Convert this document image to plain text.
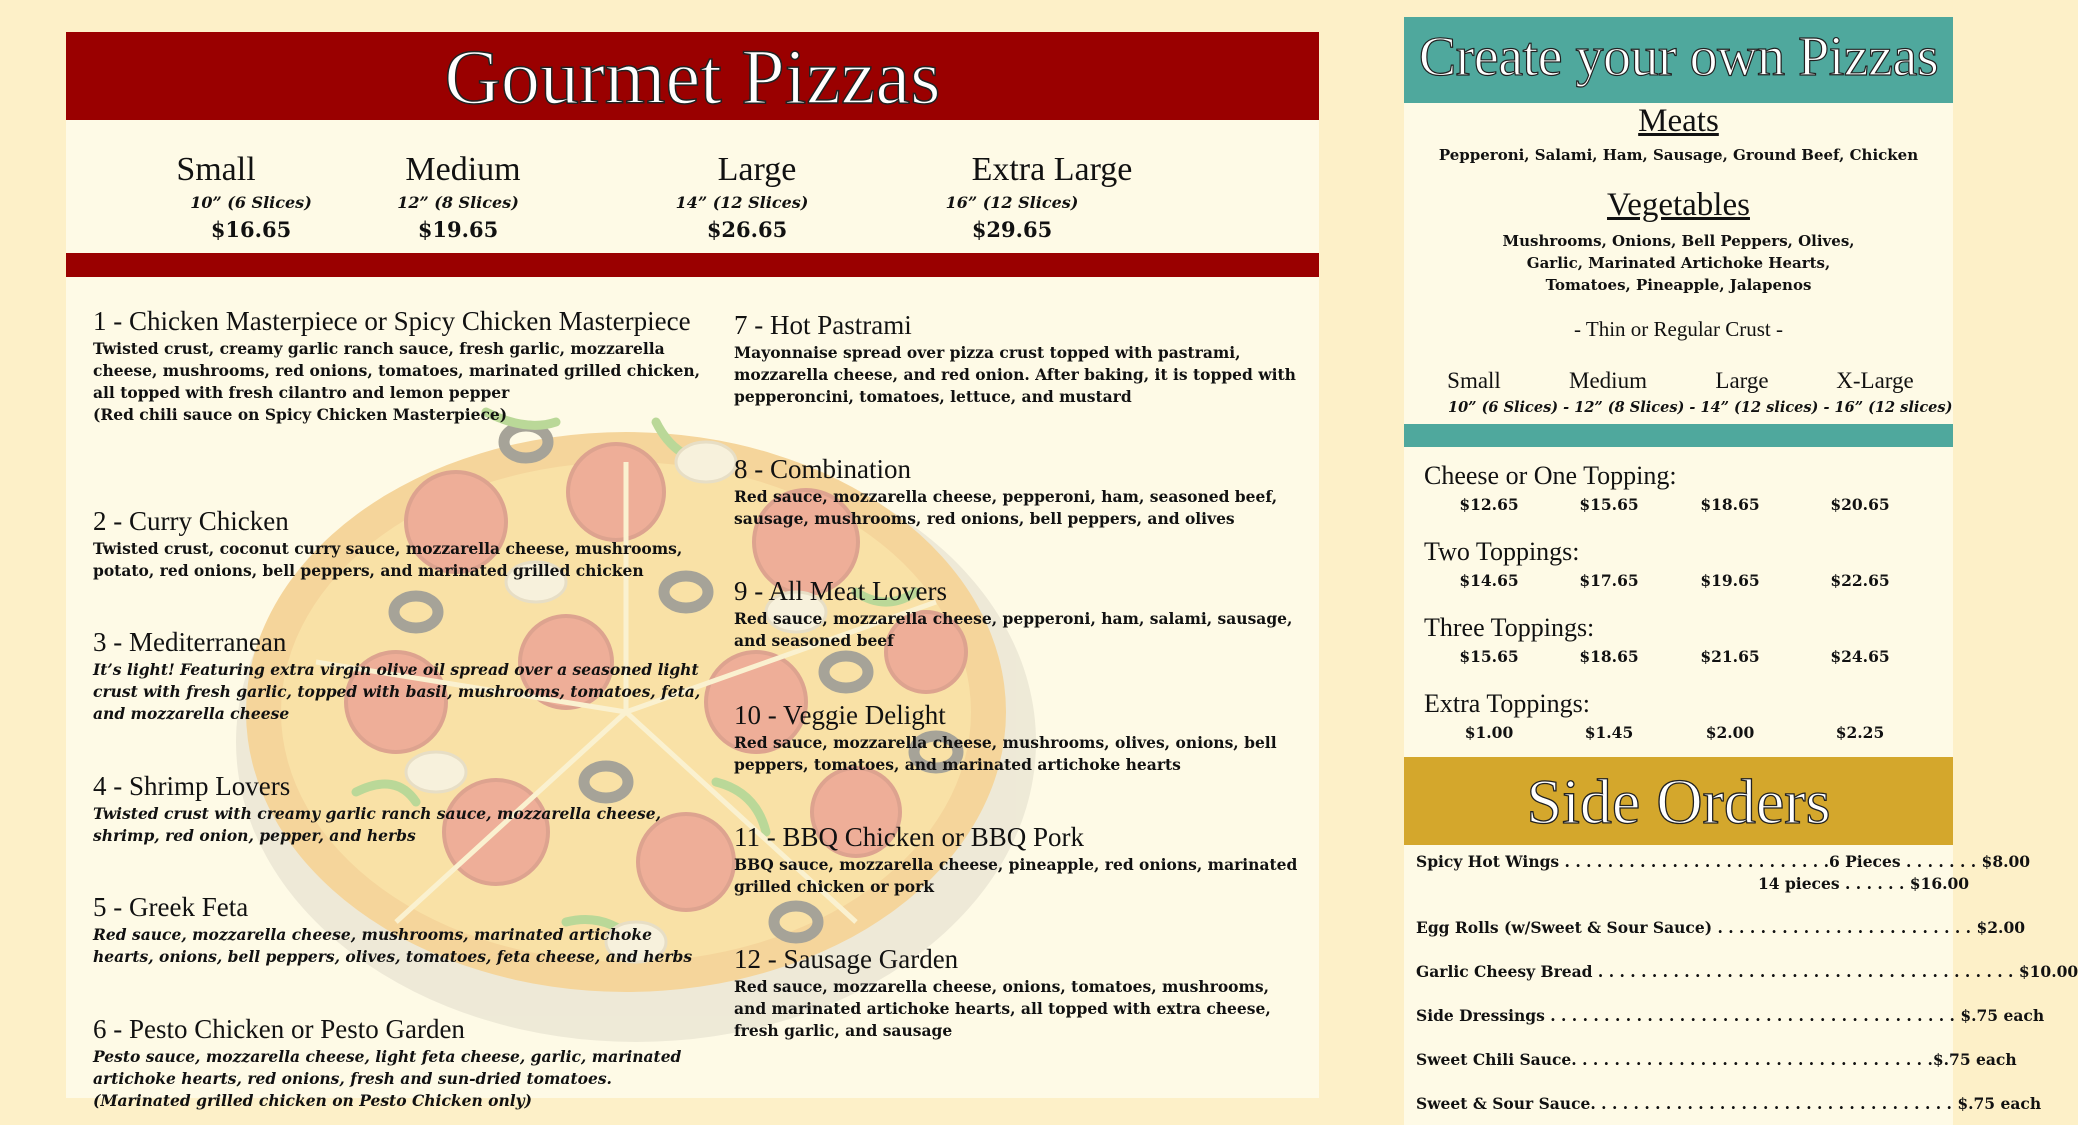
Gourmet Pizzas
Small
10” (6 Slices)
$16.65
Medium
12” (8 Slices)
$19.65
Large
14” (12 Slices)
$26.65
Extra Large
16” (12 Slices)
$29.65
1 - Chicken Masterpiece or Spicy Chicken Masterpiece
Twisted crust, creamy garlic ranch sauce, fresh garlic, mozzarella cheese, mushrooms, red onions, tomatoes, marinated grilled chicken, all topped with fresh cilantro and lemon pepper
(Red chili sauce on Spicy Chicken Masterpiece)
2 - Curry Chicken
Twisted crust, coconut curry sauce, mozzarella cheese, mushrooms, potato, red onions, bell peppers, and marinated grilled chicken
3 - Mediterranean
It’s light! Featuring extra virgin olive oil spread over a seasoned light crust with fresh garlic, topped with basil, mushrooms, tomatoes, feta, and mozzarella cheese
4 - Shrimp Lovers
Twisted crust with creamy garlic ranch sauce, mozzarella cheese, shrimp, red onion, pepper, and herbs
5 - Greek Feta
Red sauce, mozzarella cheese, mushrooms, marinated artichoke hearts, onions, bell peppers, olives, tomatoes, feta cheese, and herbs
6 - Pesto Chicken or Pesto Garden
Pesto sauce, mozzarella cheese, light feta cheese, garlic, marinated artichoke hearts, red onions, fresh and sun-dried tomatoes. (Marinated grilled chicken on Pesto Chicken only)
7 - Hot Pastrami
Mayonnaise spread over pizza crust topped with pastrami, mozzarella cheese, and red onion. After baking, it is topped with pepperoncini, tomatoes, lettuce, and mustard
8 - Combination
Red sauce, mozzarella cheese, pepperoni, ham, seasoned beef, sausage, mushrooms, red onions, bell peppers, and olives
9 - All Meat Lovers
Red sauce, mozzarella cheese, pepperoni, ham, salami, sausage, and seasoned beef
10 - Veggie Delight
Red sauce, mozzarella cheese, mushrooms, olives, onions, bell peppers, tomatoes, and marinated artichoke hearts
11 - BBQ Chicken or BBQ Pork
BBQ sauce, mozzarella cheese, pineapple, red onions, marinated grilled chicken or pork
12 - Sausage Garden
Red sauce, mozzarella cheese, onions, tomatoes, mushrooms, and marinated artichoke hearts, all topped with extra cheese, fresh garlic, and sausage
Create your own Pizzas
Meats
Pepperoni, Salami, Ham, Sausage, Ground Beef, Chicken
Vegetables
Mushrooms, Onions, Bell Peppers, Olives,
Garlic, Marinated Artichoke Hearts,
Tomatoes, Pineapple, Jalapenos
- Thin or Regular Crust -
Small	Medium	Large	X-Large
10” (6 Slices) - 12” (8 Slices) - 14” (12 slices) - 16” (12 slices)
Cheese or One Topping:
$12.65	$15.65	$18.65	$20.65
Two Toppings:
$14.65	$17.65	$19.65	$22.65
Three Toppings:
$15.65	$18.65	$21.65	$24.65
Extra Toppings:
$1.00	$1.45	$2.00	$2.25
Side Orders
Spicy Hot Wings . . . . . . . . . . . . . . . . . . . . . . . . .6 Pieces . . . . . . . $8.00
14 pieces . . . . . . $16.00
Egg Rolls (w/Sweet & Sour Sauce) . . . . . . . . . . . . . . . . . . . . . . . . $2.00
Garlic Cheesy Bread . . . . . . . . . . . . . . . . . . . . . . . . . . . . . . . . . . . . . . . $10.00
Side Dressings . . . . . . . . . . . . . . . . . . . . . . . . . . . . . . . . . . . . . . $.75 each
Sweet Chili Sauce. . . . . . . . . . . . . . . . . . . . . . . . . . . . . . . . . .$.75 each
Sweet & Sour Sauce. . . . . . . . . . . . . . . . . . . . . . . . . . . . . . . . . . $.75 each
